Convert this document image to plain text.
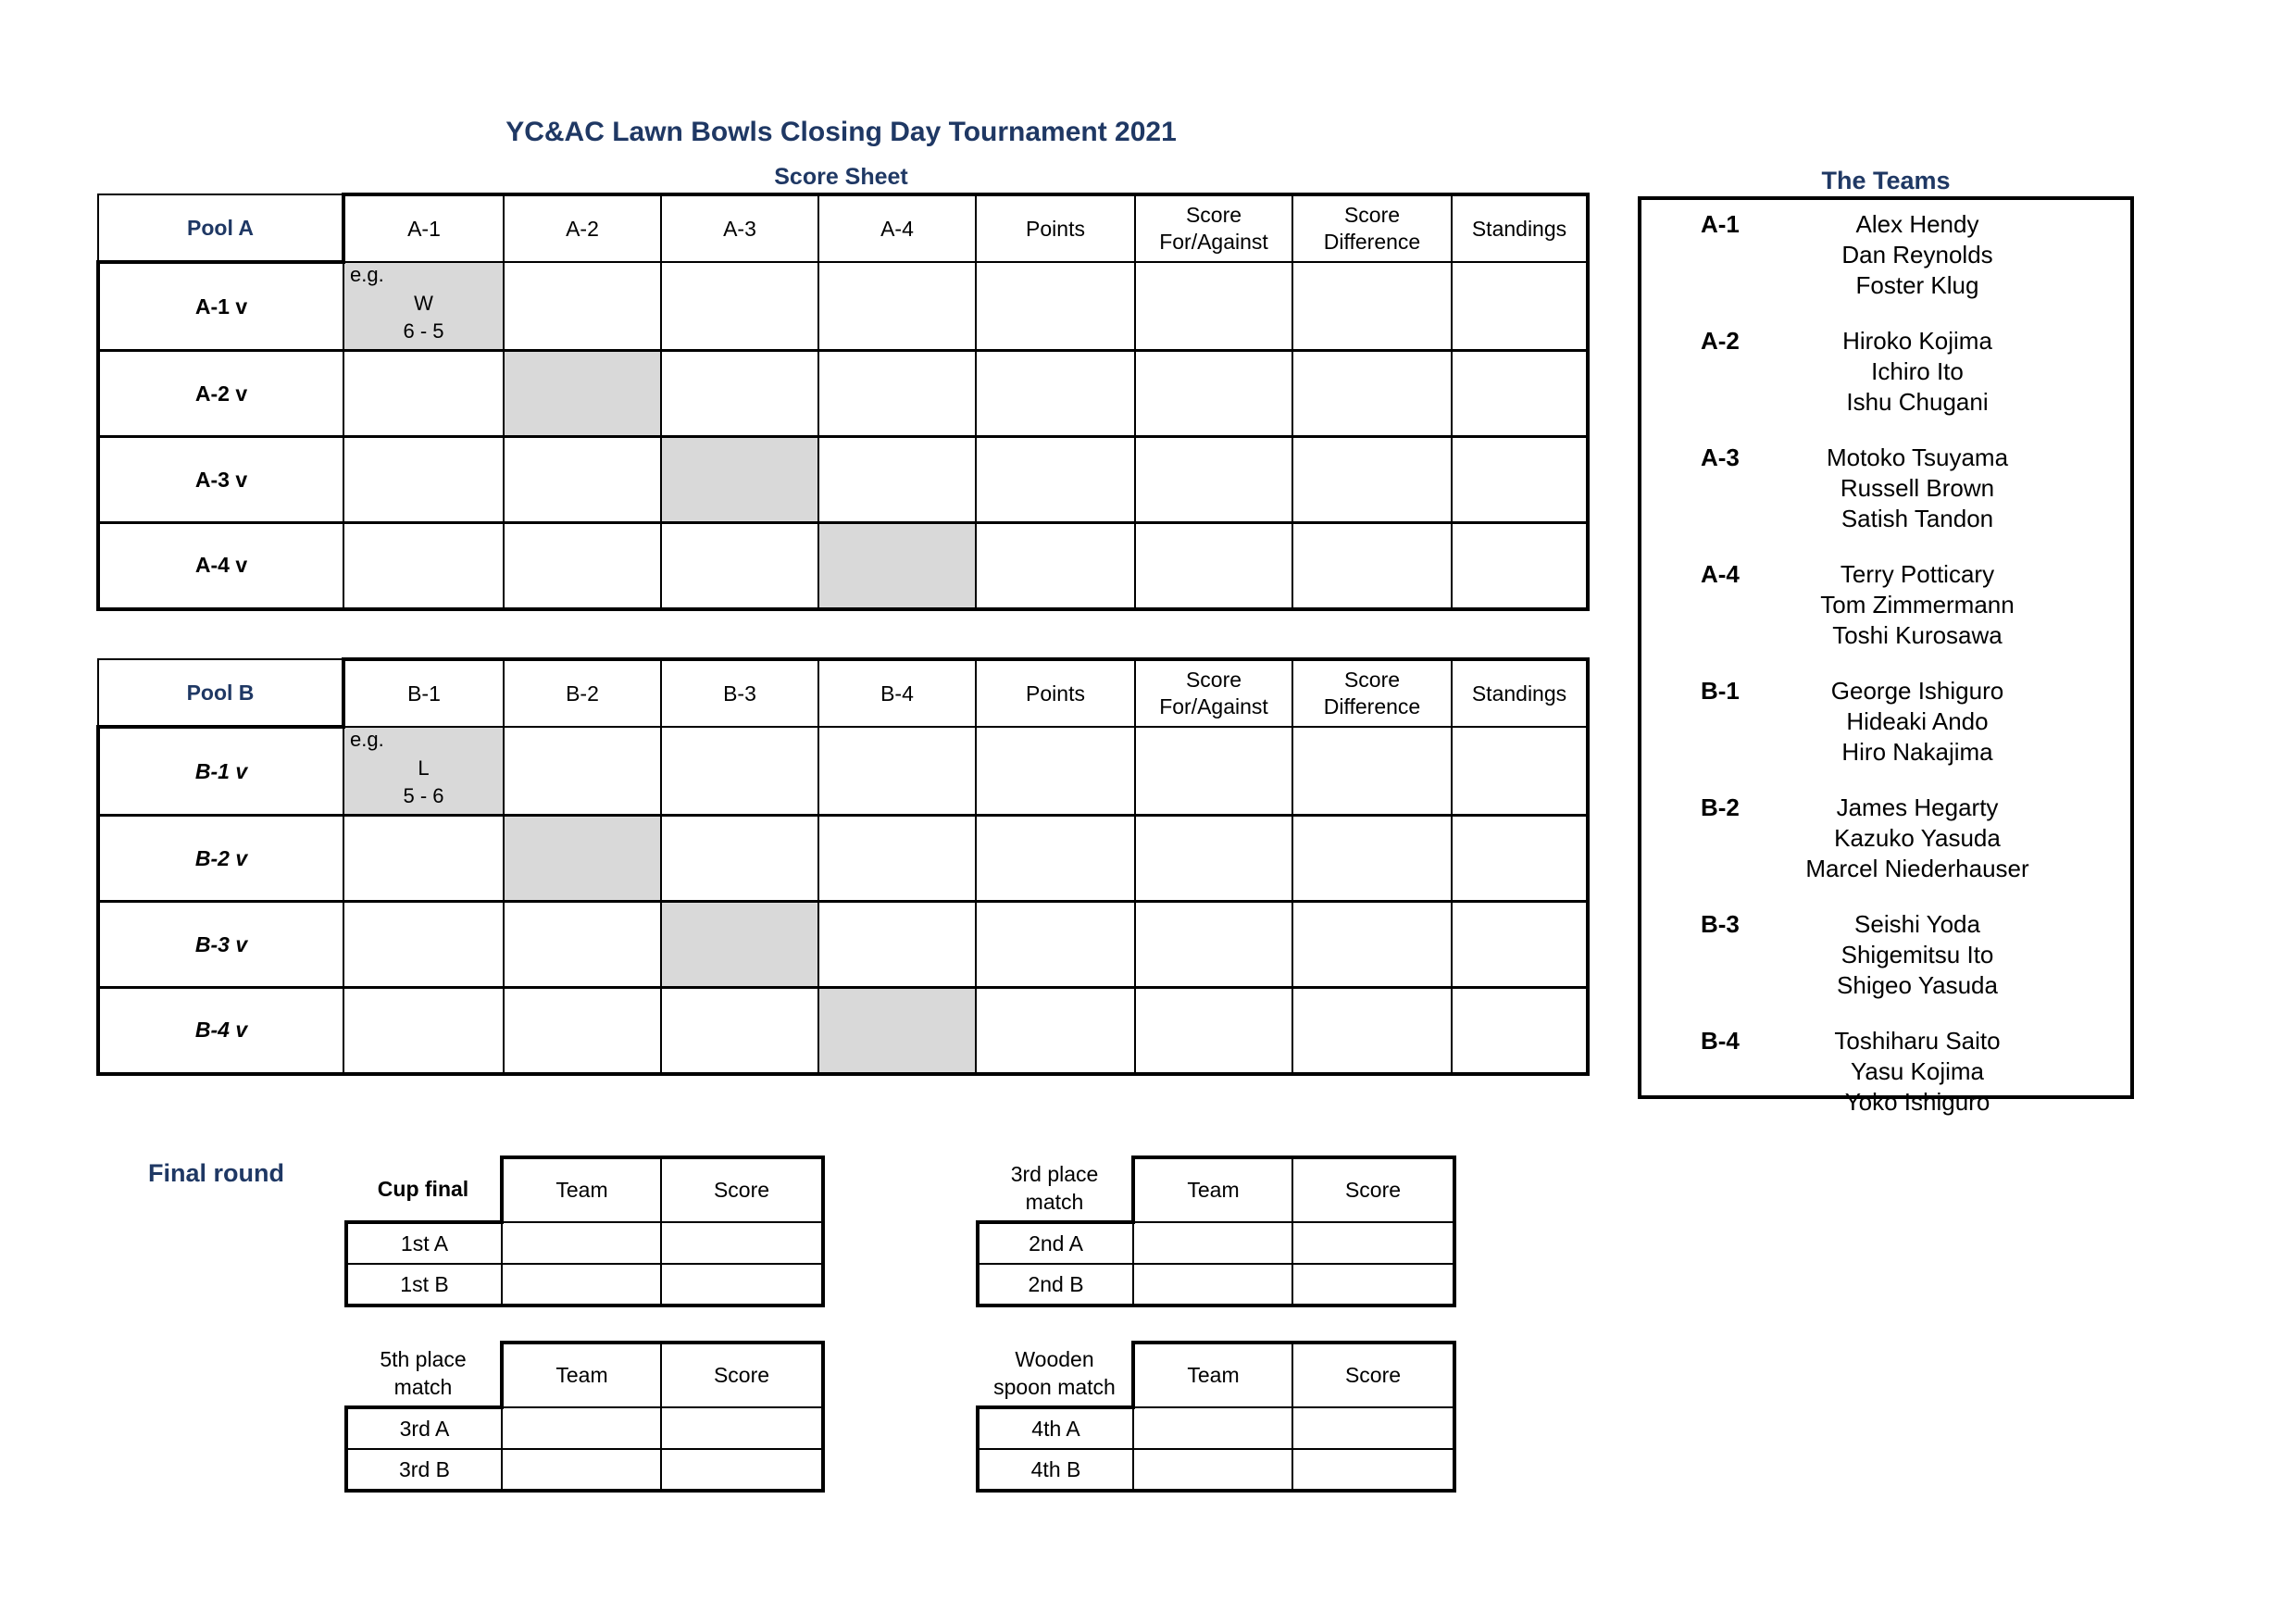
YC&AC Lawn Bowls Closing Day Tournament 2021
Score Sheet
Pool A	A-1	A-2	A-3	A-4	Points	Score For/Against	Score Difference	Standings
A-1 v	e.g.
W
6 - 5							

A-2 v								
A-3 v								
A-4 v								
Pool B	B-1	B-2	B-3	B-4	Points	Score For/Against	Score Difference	Standings
B-1 v	e.g.
L
5 - 6							

B-2 v								
B-3 v								
B-4 v								
The Teams
A-1	Alex Hendy
Dan Reynolds
Foster Klug
A-2	Hiroko Kojima
Ichiro Ito
Ishu Chugani
A-3	Motoko Tsuyama
Russell Brown
Satish Tandon
A-4	Terry Potticary
Tom Zimmermann
Toshi Kurosawa
B-1	George Ishiguro
Hideaki Ando
Hiro Nakajima
B-2	James Hegarty
Kazuko Yasuda
Marcel Niederhauser
B-3	Seishi Yoda
Shigemitsu Ito
Shigeo Yasuda
B-4	Toshiharu Saito
Yasu Kojima
Yoko Ishiguro
Final round
Cup final	Team	Score
1st A		
1st B		
3rd place match	Team	Score
2nd A		
2nd B		
5th place match	Team	Score
3rd A		
3rd B		
Wooden spoon match	Team	Score
4th A		
4th B		
